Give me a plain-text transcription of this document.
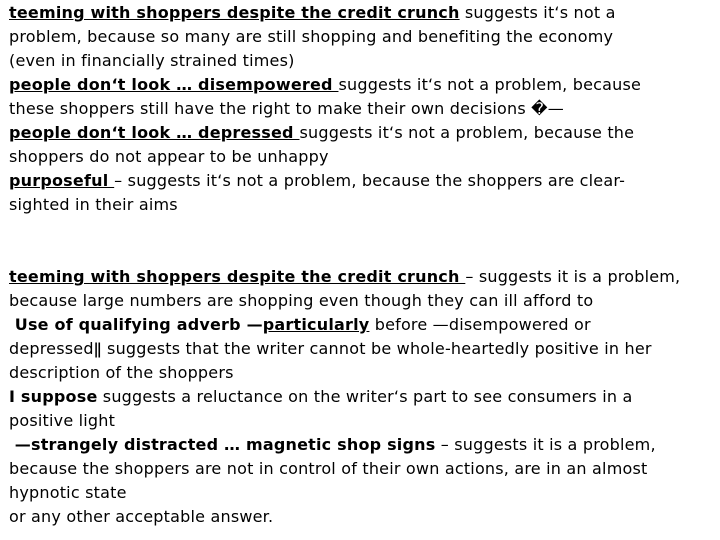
teeming with shoppers despite the credit crunch suggests it‘s not a
problem, because so many are still shopping and benefiting the economy
(even in financially strained times)
people don‘t look … disempowered suggests it‘s not a problem, because
these shoppers still have the right to make their own decisions �—
people don‘t look … depressed suggests it‘s not a problem, because the
shoppers do not appear to be unhappy
purposeful – suggests it‘s not a problem, because the shoppers are clear-
sighted in their aims
teeming with shoppers despite the credit crunch – suggests it is a problem,
because large numbers are shopping even though they can ill afford to
Use of qualifying adverb —particularly before —disempowered or
depressedǁ suggests that the writer cannot be whole-heartedly positive in her
description of the shoppers
I suppose suggests a reluctance on the writer‘s part to see consumers in a
positive light
—strangely distracted … magnetic shop signs – suggests it is a problem,
because the shoppers are not in control of their own actions, are in an almost
hypnotic state
or any other acceptable answer.
